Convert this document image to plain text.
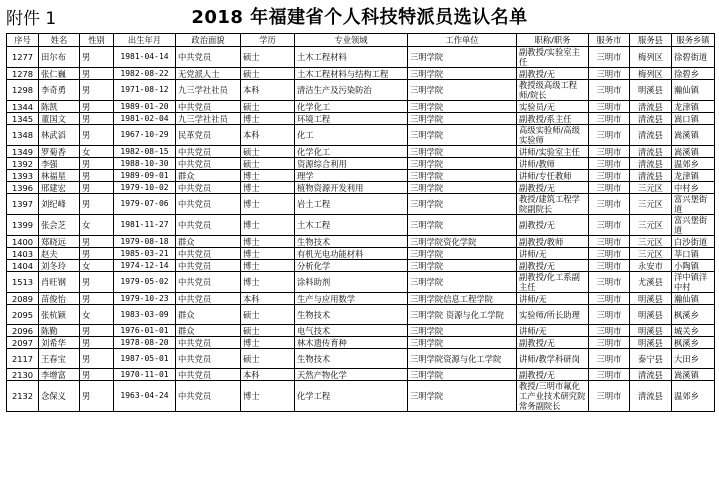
附件 1	2018 年福建省个人科技特派员选认名单
序号	姓名	性别	出生年月	政治面貌	学历	专业领域	工作单位	职称/职务	服务市	服务县	服务乡镇
1277	田尔布	男	1981-04-14	中共党员	硕士	土木工程材料	三明学院	副教授/实验室主任	三明市	梅列区	徐碧街道
1278	张仁巍	男	1982-08-22	无党派人士	硕士	土木工程材料与结构工程	三明学院	副教授/无	三明市	梅列区	徐碧乡
1298	李奇勇	男	1971-08-12	九三学社社员	本科	清洁生产及污染防治	三明学院	教授级高级工程师/院长	三明市	明溪县	瀚仙镇
1344	陈凯	男	1989-01-20	中共党员	硕士	化学化工	三明学院	实验员/无	三明市	清流县	龙津镇
1345	董国文	男	1981-02-04	九三学社社员	博士	环境工程	三明学院	副教授/系主任	三明市	清流县	嵩口镇
1348	林武滔	男	1967-10-29	民革党员	本科	化工	三明学院	高级实验师/高级实验师	三明市	清流县	嵩溪镇
1349	罗菊香	女	1982-08-15	中共党员	硕士	化学化工	三明学院	讲师/实验室主任	三明市	清流县	嵩溪镇
1392	李强	男	1988-10-30	中共党员	硕士	资源综合利用	三明学院	讲师/教师	三明市	清流县	温郊乡
1393	林福星	男	1989-09-01	群众	博士	理学	三明学院	讲师/专任教师	三明市	清流县	龙津镇
1396	邢建宏	男	1979-10-02	中共党员	博士	植物资源开发利用	三明学院	副教授/无	三明市	三元区	中村乡
1397	刘纪峰	男	1979-07-06	中共党员	博士	岩土工程	三明学院	教授/建筑工程学院副院长	三明市	三元区	富兴堡街道
1399	张会芝	女	1981-11-27	中共党员	博士	土木工程	三明学院	副教授/无	三明市	三元区	富兴堡街道
1400	郑晓远	男	1979-08-18	群众	博士	生物技术	三明学院资化学院	副教授/教师	三明市	三元区	白沙街道
1403	赵夫	男	1985-03-21	中共党员	博士	有机光电功能材料	三明学院	讲师/无	三明市	三元区	莘口镇
1404	刘冬玲	女	1974-12-14	中共党员	博士	分析化学	三明学院	副教授/无	三明市	永安市	小陶镇
1513	肖旺钢	男	1979-05-02	中共党员	博士	涂料助剂	三明学院	副教授/化工系副主任	三明市	尤溪县	洋中镇洋中村
2089	苗俊怡	男	1979-10-23	中共党员	本科	生产与应用数学	三明学院信息工程学院	讲师/无	三明市	明溪县	瀚仙镇
2095	张杭颖	女	1983-03-09	群众	硕士	生物技术	三明学院 资源与化工学院	实验师/所长助理	三明市	明溪县	枫溪乡
2096	陈勤	男	1976-01-01	群众	硕士	电气技术	三明学院	讲师/无	三明市	明溪县	城关乡
2097	刘希华	男	1978-08-20	中共党员	博士	林木遗传育种	三明学院	副教授/无	三明市	明溪县	枫溪乡
2117	王春宝	男	1987-05-01	中共党员	硕士	生物技术	三明学院资源与化工学院	讲师/教学科研岗	三明市	泰宁县	大田乡
2130	李增富	男	1970-11-01	中共党员	本科	天然产物化学	三明学院	副教授/无	三明市	清流县	嵩溪镇
2132	念保义	男	1963-04-24	中共党员	博士	化学工程	三明学院	教授/三明市氟化工产业技术研究院常务副院长	三明市	清流县	温郊乡
